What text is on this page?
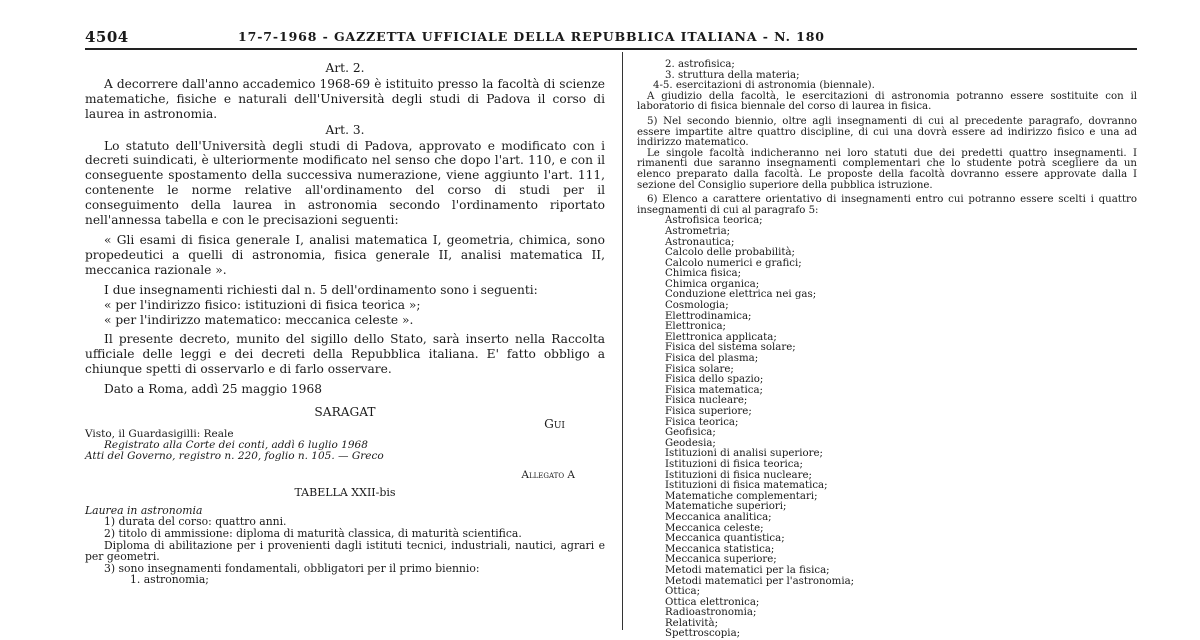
4504	17-7-1968 - GAZZETTA UFFICIALE DELLA REPUBBLICA ITALIANA - N. 180

Art. 2.

A decorrere dall'anno accademico 1968-69 è istituito presso la facoltà di scienze matematiche, fisiche e naturali dell'Università degli studi di Padova il corso di laurea in astronomia.

Art. 3.

Lo statuto dell'Università degli studi di Padova, approvato e modificato con i decreti suindicati, è ulteriormente modificato nel senso che dopo l'art. 110, e con il conseguente spostamento della successiva numerazione, viene aggiunto l'art. 111, contenente le norme relative all'ordinamento del corso di studi per il conseguimento della laurea in astronomia secondo l'ordinamento riportato nell'annessa tabella e con le precisazioni seguenti:

« Gli esami di fisica generale I, analisi matematica I, geometria, chimica, sono propedeutici a quelli di astronomia, fisica generale II, analisi matematica II, meccanica razionale ».

I due insegnamenti richiesti dal n. 5 dell'ordinamento sono i seguenti:

« per l'indirizzo fisico: istituzioni di fisica teorica »;

« per l'indirizzo matematico: meccanica celeste ».

Il presente decreto, munito del sigillo dello Stato, sarà inserto nella Raccolta ufficiale delle leggi e dei decreti della Repubblica italiana. E' fatto obbligo a chiunque spetti di osservarlo e di farlo osservare.

Dato a Roma, addì 25 maggio 1968

SARAGAT
Gui

Visto, il Guardasigilli: Reale

Registrato alla Corte dei conti, addì 6 luglio 1968

Atti del Governo, registro n. 220, foglio n. 105. — Greco

Allegato A

TABELLA XXII-bis

Laurea in astronomia

1) durata del corso: quattro anni.

2) titolo di ammissione: diploma di maturità classica, di maturità scientifica.

Diploma di abilitazione per i provenienti dagli istituti tecnici, industriali, nautici, agrari e per geometri.

3) sono insegnamenti fondamentali, obbligatori per il primo biennio:

1. astronomia;

2. astrofisica;

3. struttura della materia;

4-5. esercitazioni di astronomia (biennale).

A giudizio della facoltà, le esercitazioni di astronomia potranno essere sostituite con il laboratorio di fisica biennale del corso di laurea in fisica.

5) Nel secondo biennio, oltre agli insegnamenti di cui al precedente paragrafo, dovranno essere impartite altre quattro discipline, di cui una dovrà essere ad indirizzo fisico e una ad indirizzo matematico.

Le singole facoltà indicheranno nei loro statuti due dei predetti quattro insegnamenti. I rimanenti due saranno insegnamenti complementari che lo studente potrà scegliere da un elenco preparato dalla facoltà. Le proposte della facoltà dovranno essere approvate dalla I sezione del Consiglio superiore della pubblica istruzione.

6) Elenco a carattere orientativo di insegnamenti entro cui potranno essere scelti i quattro insegnamenti di cui al paragrafo 5:

Astrofisica teorica;
Astrometria;
Astronautica;
Calcolo delle probabilità;
Calcolo numerici e grafici;
Chimica fisica;
Chimica organica;
Conduzione elettrica nei gas;
Cosmologia;
Elettrodinamica;
Elettronica;
Elettronica applicata;
Fisica del sistema solare;
Fisica del plasma;
Fisica solare;
Fisica dello spazio;
Fisica matematica;
Fisica nucleare;
Fisica superiore;
Fisica teorica;
Geofisica;
Geodesia;
Istituzioni di analisi superiore;
Istituzioni di fisica teorica;
Istituzioni di fisica nucleare;
Istituzioni di fisica matematica;
Matematiche complementari;
Matematiche superiori;
Meccanica analitica;
Meccanica celeste;
Meccanica quantistica;
Meccanica statistica;
Meccanica superiore;
Metodi matematici per la fisica;
Metodi matematici per l'astronomia;
Ottica;
Ottica elettronica;
Radioastronomia;
Relatività;
Spettroscopia;
